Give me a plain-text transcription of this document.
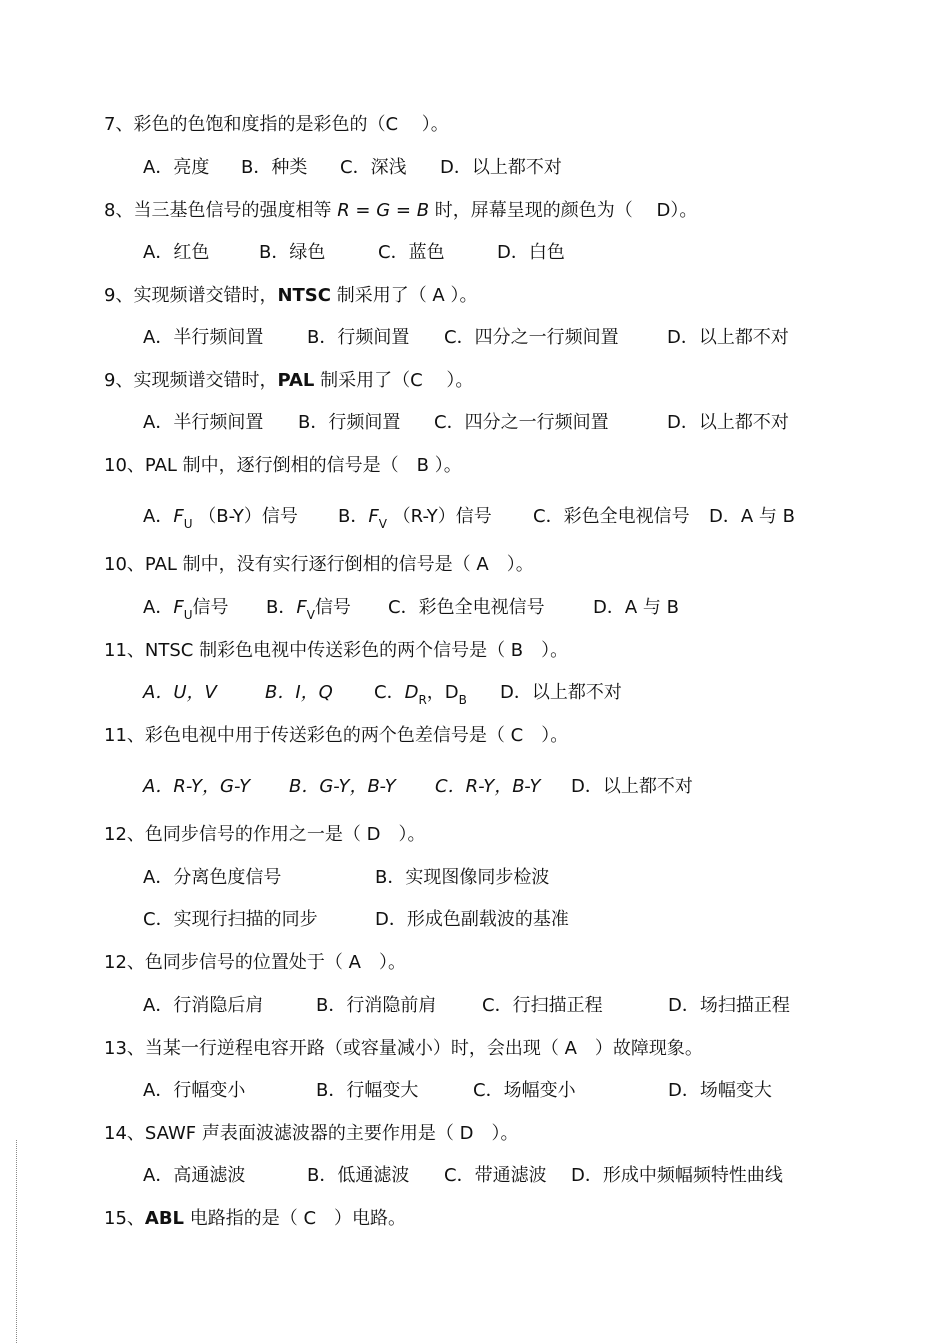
7、彩色的色饱和度指的是彩色的（C　 ）。
A．亮度 B．种类 C．深浅 D．以上都不对
8、当三基色信号的强度相等 R = G = B 时，屏幕呈现的颜色为（　 D）。
A．红色	B．绿色	C．蓝色	D．白色
9、实现频谱交错时，NTSC 制采用了（ A ）。
A．半行频间置 B．行频间置 C．四分之一行频间置	D．以上都不对
9、实现频谱交错时，PAL 制采用了（C　 ）。
A．半行频间置 B．行频间置 C．四分之一行频间置	D．以上都不对
10、PAL 制中，逐行倒相的信号是（　B ）。
A．$F_U$ （B-Y）信号 B．$F_V$ （R-Y）信号 C．彩色全电视信号 D．A 与 B
10、PAL 制中，没有实行逐行倒相的信号是（ A　）。
A．$F_U$信号 B．$F_V$信号 C．彩色全电视信号	D．A 与 B
11、NTSC 制彩色电视中传送彩色的两个信号是（ B　）。
A．U，V	B．I，Q C．$D_R$，$D_B$ D．以上都不对
11、彩色电视中用于传送彩色的两个色差信号是（ C　）。
A．R-Y，G-Y B．G-Y，B-Y C．R-Y，B-Y D．以上都不对
12、色同步信号的作用之一是（ D　）。
A．分离色度信号	B．实现图像同步检波
C．实现行扫描的同步	D．形成色副载波的基准
12、色同步信号的位置处于（ A　）。
A．行消隐后肩	B．行消隐前肩	C．行扫描正程	D．场扫描正程
13、当某一行逆程电容开路（或容量减小）时，会出现（ A　）故障现象。
A．行幅变小	B．行幅变大	C．场幅变小	D．场幅变大
14、SAWF 声表面波滤波器的主要作用是（ D　）。
A．高通滤波	B．低通滤波 C．带通滤波 D．形成中频幅频特性曲线
15、ABL 电路指的是（ C　）电路。
